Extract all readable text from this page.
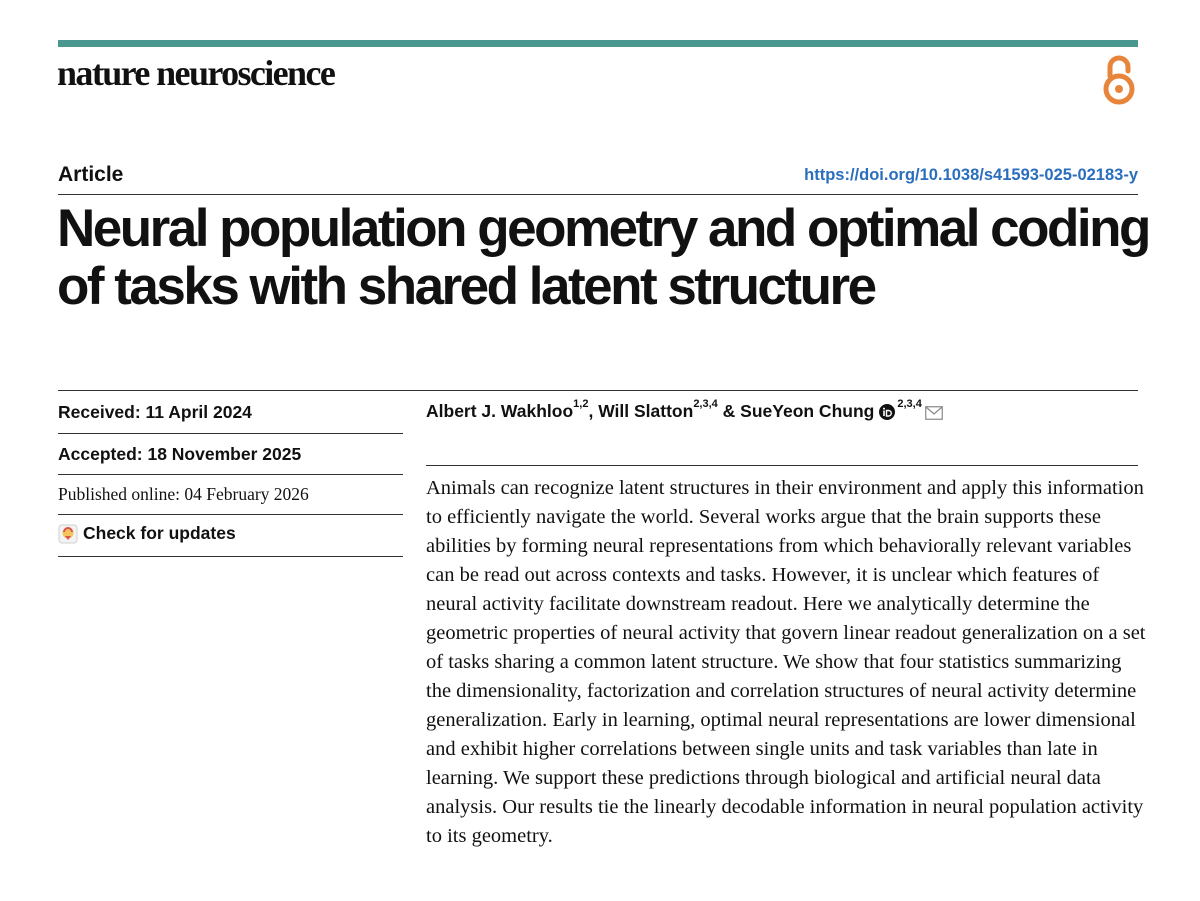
nature neuroscience
Article	https://doi.org/10.1038/s41593-025-02183-y
Neural population geometry and optimal coding of tasks with shared latent structure
Received: 11 April 2024
Accepted: 18 November 2025
Published online: 04 February 2026
Check for updates
Albert J. Wakhloo$^{1,2}$ , Will Slatton$^{2,3,4}$ & SueYeon Chung $^{2,3,4}$

Animals can recognize latent structures in their environment and apply this information to efficiently navigate the world. Several works argue that the brain supports these abilities by forming neural representations from which behaviorally relevant variables can be read out across contexts and tasks. However, it is unclear which features of neural activity facilitate downstream readout. Here we analytically determine the geometric properties of neural activity that govern linear readout generalization on a set of tasks sharing a common latent structure. We show that four statistics summarizing the dimensionality, factorization and correlation structures of neural activity determine generalization. Early in learning, optimal neural representations are lower dimensional and exhibit higher correlations between single units and task variables than late in learning. We support these predictions through biological and artificial neural data analysis. Our results tie the linearly decodable information in neural population activity to its geometry.
